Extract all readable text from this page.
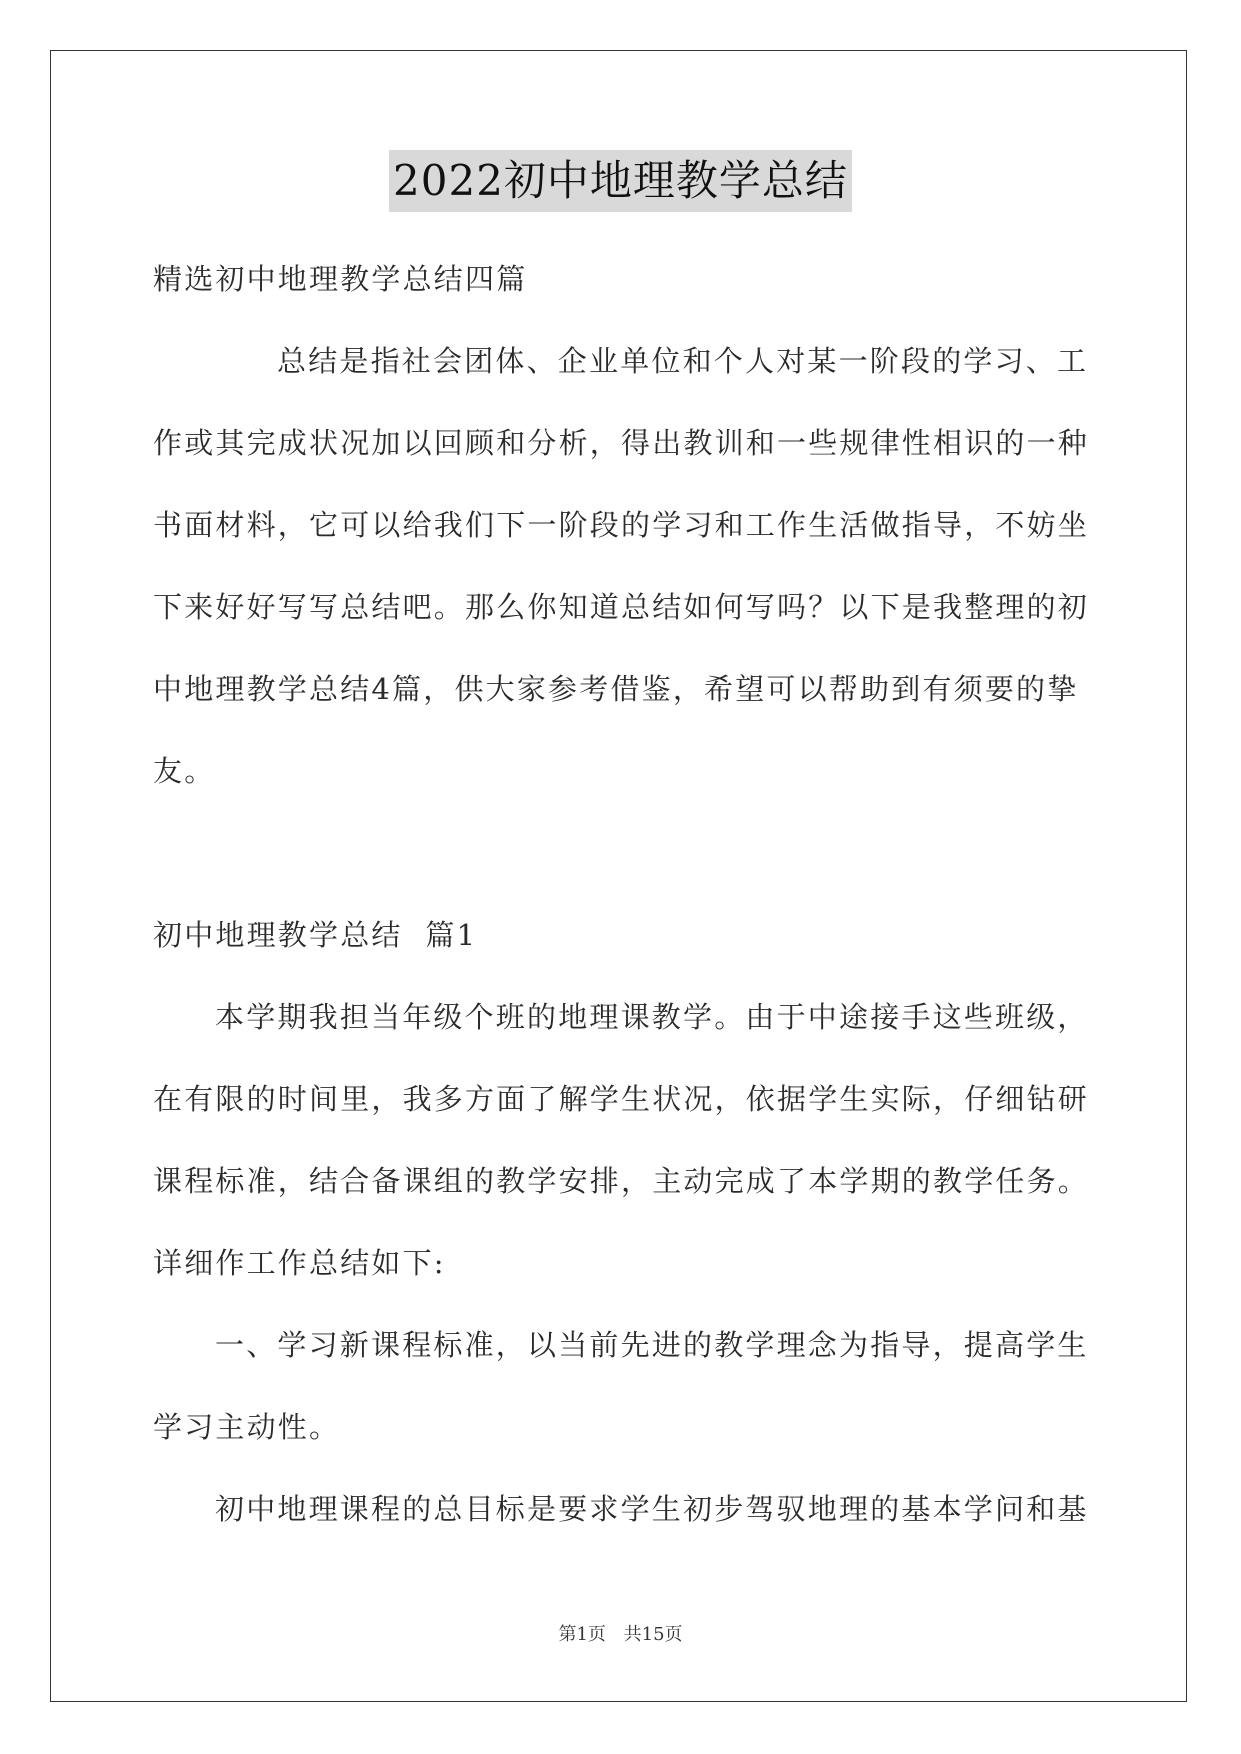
2022初中地理教学总结
精选初中地理教学总结四篇
总结是指社会团体、企业单位和个人对某一阶段的学习、工
作或其完成状况加以回顾和分析，得出教训和一些规律性相识的一种
书面材料，它可以给我们下一阶段的学习和工作生活做指导，不妨坐
下来好好写写总结吧。那么你知道总结如何写吗？以下是我整理的初
中地理教学总结4篇，供大家参考借鉴，希望可以帮助到有须要的挚
友。
初中地理教学总结  篇1
本学期我担当年级个班的地理课教学。由于中途接手这些班级，
在有限的时间里，我多方面了解学生状况，依据学生实际，仔细钻研
课程标准，结合备课组的教学安排，主动完成了本学期的教学任务。
详细作工作总结如下:
一、学习新课程标准，以当前先进的教学理念为指导，提高学生
学习主动性。
初中地理课程的总目标是要求学生初步驾驭地理的基本学问和基
第1页 共15页
